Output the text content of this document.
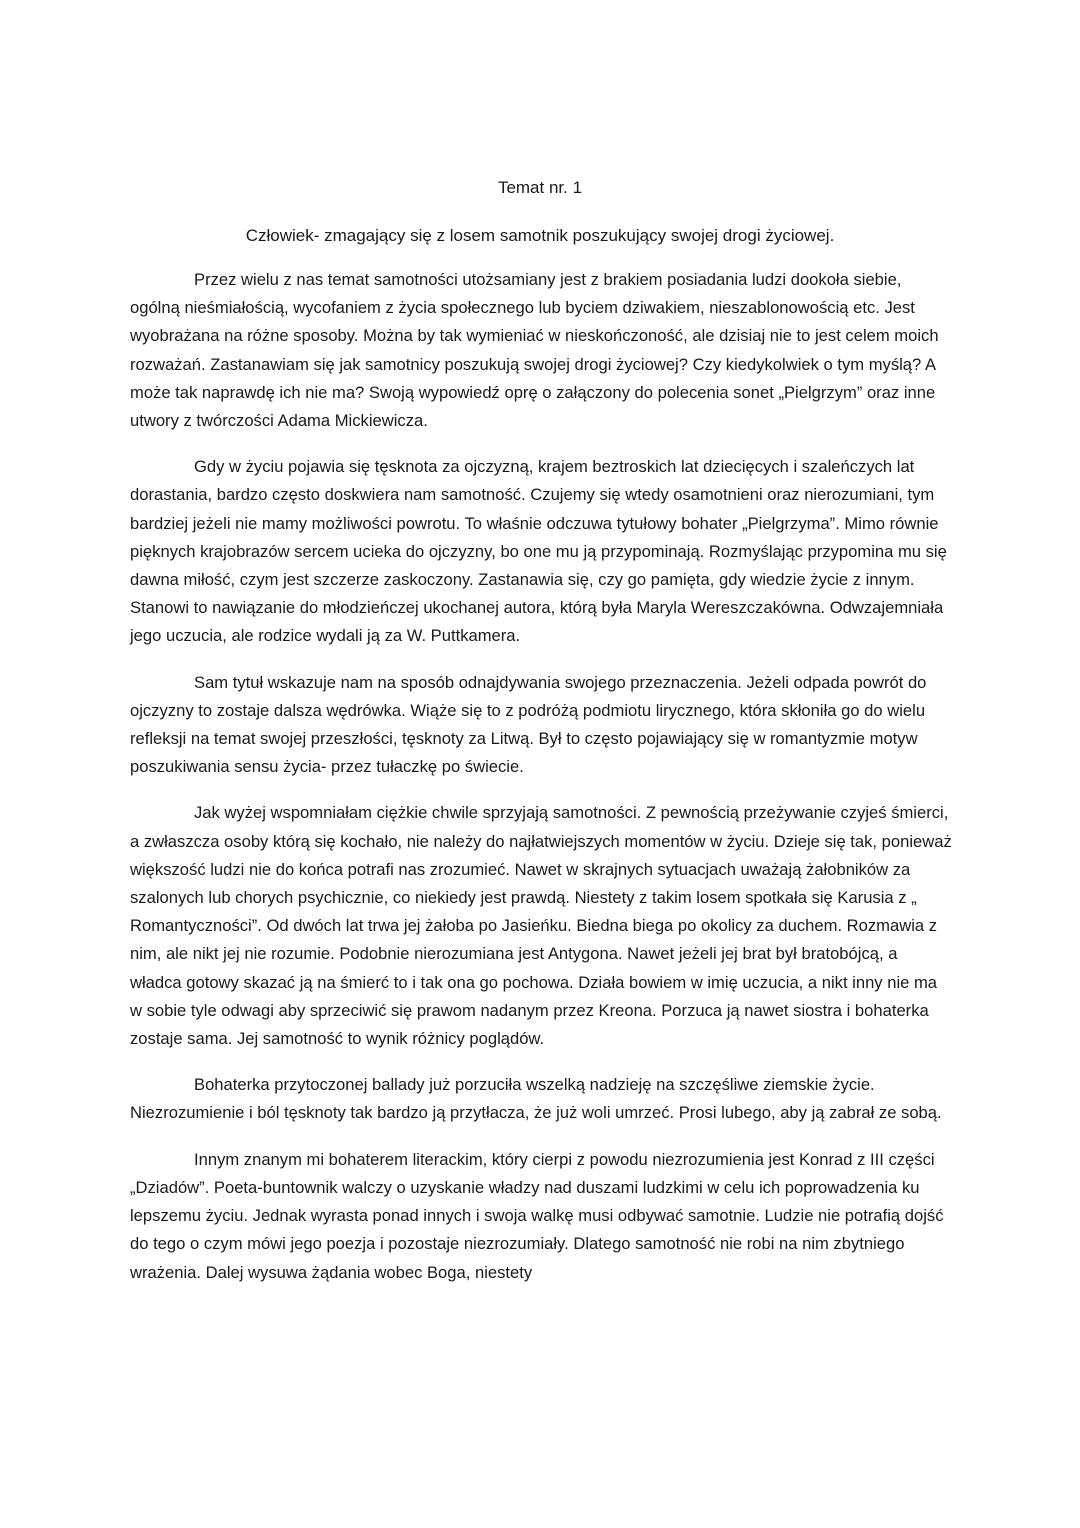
Temat nr. 1
Człowiek- zmagający się z losem samotnik poszukujący swojej drogi życiowej.

Przez wielu z nas temat samotności utożsamiany jest z brakiem posiadania ludzi dookoła siebie, ogólną nieśmiałością, wycofaniem z życia społecznego lub byciem dziwakiem, nieszablonowością etc. Jest wyobrażana na różne sposoby. Można by tak wymieniać w nieskończoność, ale dzisiaj nie to jest celem moich rozważań. Zastanawiam się jak samotnicy poszukują swojej drogi życiowej? Czy kiedykolwiek o tym myślą? A może tak naprawdę ich nie ma? Swoją wypowiedź oprę o załączony do polecenia sonet „Pielgrzym” oraz inne utwory z twórczości Adama Mickiewicza.

Gdy w życiu pojawia się tęsknota za ojczyzną, krajem beztroskich lat dziecięcych i szaleńczych lat dorastania, bardzo często doskwiera nam samotność. Czujemy się wtedy osamotnieni oraz nierozumiani, tym bardziej jeżeli nie mamy możliwości powrotu. To właśnie odczuwa tytułowy bohater „Pielgrzyma”. Mimo równie pięknych krajobrazów sercem ucieka do ojczyzny, bo one mu ją przypominają. Rozmyślając przypomina mu się dawna miłość, czym jest szczerze zaskoczony. Zastanawia się, czy go pamięta, gdy wiedzie życie z innym. Stanowi to nawiązanie do młodzieńczej ukochanej autora, którą była Maryla Wereszczakówna. Odwzajemniała jego uczucia, ale rodzice wydali ją za W. Puttkamera.

Sam tytuł wskazuje nam na sposób odnajdywania swojego przeznaczenia. Jeżeli odpada powrót do ojczyzny to zostaje dalsza wędrówka. Wiąże się to z podróżą podmiotu lirycznego, która skłoniła go do wielu refleksji na temat swojej przeszłości, tęsknoty za Litwą. Był to często pojawiający się w romantyzmie motyw poszukiwania sensu życia- przez tułaczkę po świecie.

Jak wyżej wspomniałam ciężkie chwile sprzyjają samotności. Z pewnością przeżywanie czyjeś śmierci, a zwłaszcza osoby którą się kochało, nie należy do najłatwiejszych momentów w życiu. Dzieje się tak, ponieważ większość ludzi nie do końca potrafi nas zrozumieć. Nawet w skrajnych sytuacjach uważają żałobników za szalonych lub chorych psychicznie, co niekiedy jest prawdą. Niestety z takim losem spotkała się Karusia z „ Romantyczności”. Od dwóch lat trwa jej żałoba po Jasieńku. Biedna biega po okolicy za duchem. Rozmawia z nim, ale nikt jej nie rozumie. Podobnie nierozumiana jest Antygona. Nawet jeżeli jej brat był bratobójcą, a władca gotowy skazać ją na śmierć to i tak ona go pochowa. Działa bowiem w imię uczucia, a nikt inny nie ma w sobie tyle odwagi aby sprzeciwić się prawom nadanym przez Kreona. Porzuca ją nawet siostra i bohaterka zostaje sama. Jej samotność to wynik różnicy poglądów.

Bohaterka przytoczonej ballady już porzuciła wszelką nadzieję na szczęśliwe ziemskie życie. Niezrozumienie i ból tęsknoty tak bardzo ją przytłacza, że już woli umrzeć. Prosi lubego, aby ją zabrał ze sobą.

Innym znanym mi bohaterem literackim, który cierpi z powodu niezrozumienia jest Konrad z III części „Dziadów”. Poeta-buntownik walczy o uzyskanie władzy nad duszami ludzkimi w celu ich poprowadzenia ku lepszemu życiu. Jednak wyrasta ponad innych i swoja walkę musi odbywać samotnie. Ludzie nie potrafią dojść do tego o czym mówi jego poezja i pozostaje niezrozumiały. Dlatego samotność nie robi na nim zbytniego wrażenia. Dalej wysuwa żądania wobec Boga, niestety
